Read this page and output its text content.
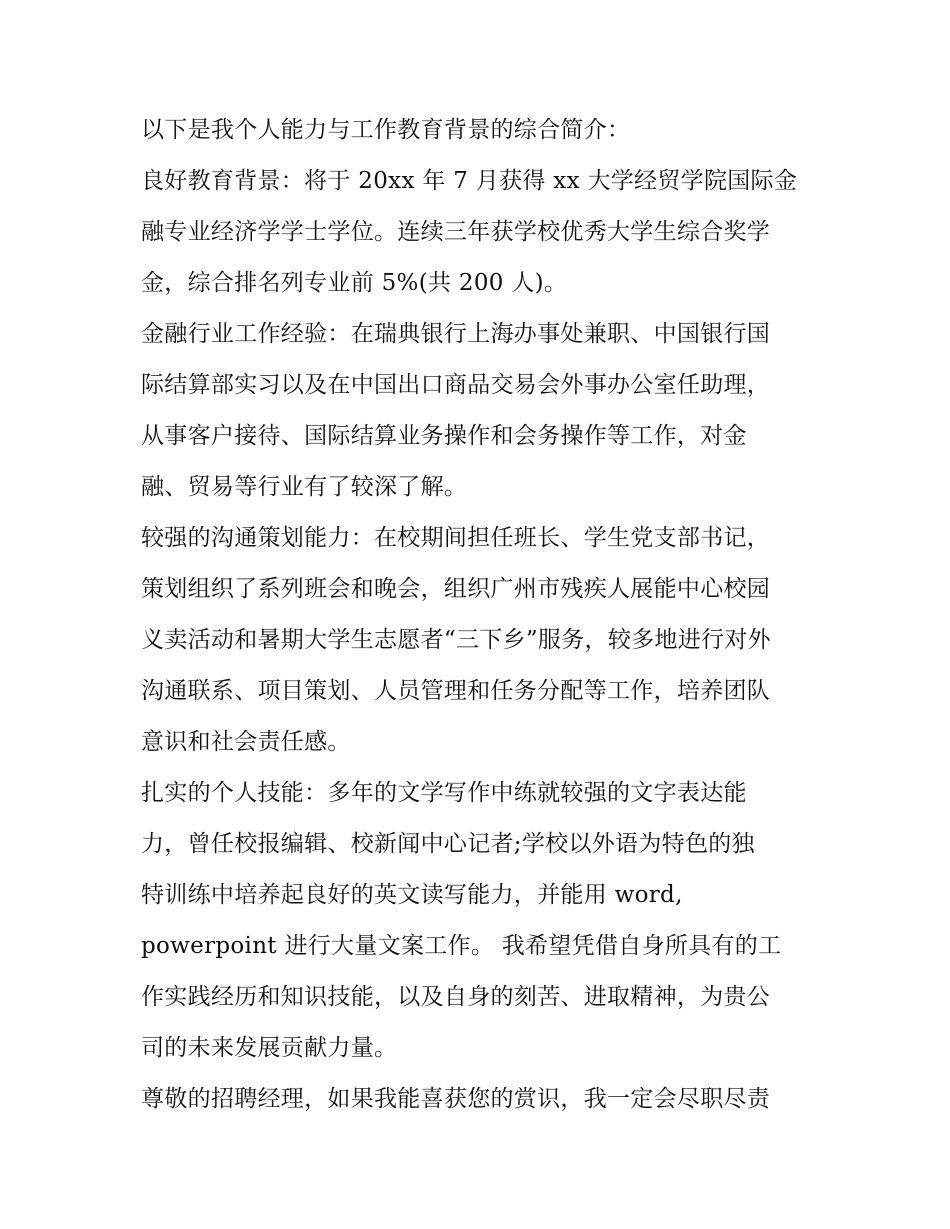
以下是我个人能力与工作教育背景的综合简介：
良好教育背景：将于 20xx 年 7 月获得 xx 大学经贸学院国际金
融专业经济学学士学位。连续三年获学校优秀大学生综合奖学
金，综合排名列专业前 5%(共 200 人)。
金融行业工作经验：在瑞典银行上海办事处兼职、中国银行国
际结算部实习以及在中国出口商品交易会外事办公室任助理，
从事客户接待、国际结算业务操作和会务操作等工作，对金
融、贸易等行业有了较深了解。
较强的沟通策划能力：在校期间担任班长、学生党支部书记，
策划组织了系列班会和晚会，组织广州市残疾人展能中心校园
义卖活动和暑期大学生志愿者“三下乡”服务，较多地进行对外
沟通联系、项目策划、人员管理和任务分配等工作，培养团队
意识和社会责任感。
扎实的个人技能：多年的文学写作中练就较强的文字表达能
力，曾任校报编辑、校新闻中心记者;学校以外语为特色的独
特训练中培养起良好的英文读写能力，并能用 word,
powerpoint 进行大量文案工作。 我希望凭借自身所具有的工
作实践经历和知识技能，以及自身的刻苦、进取精神，为贵公
司的未来发展贡献力量。
尊敬的招聘经理，如果我能喜获您的赏识，我一定会尽职尽责
